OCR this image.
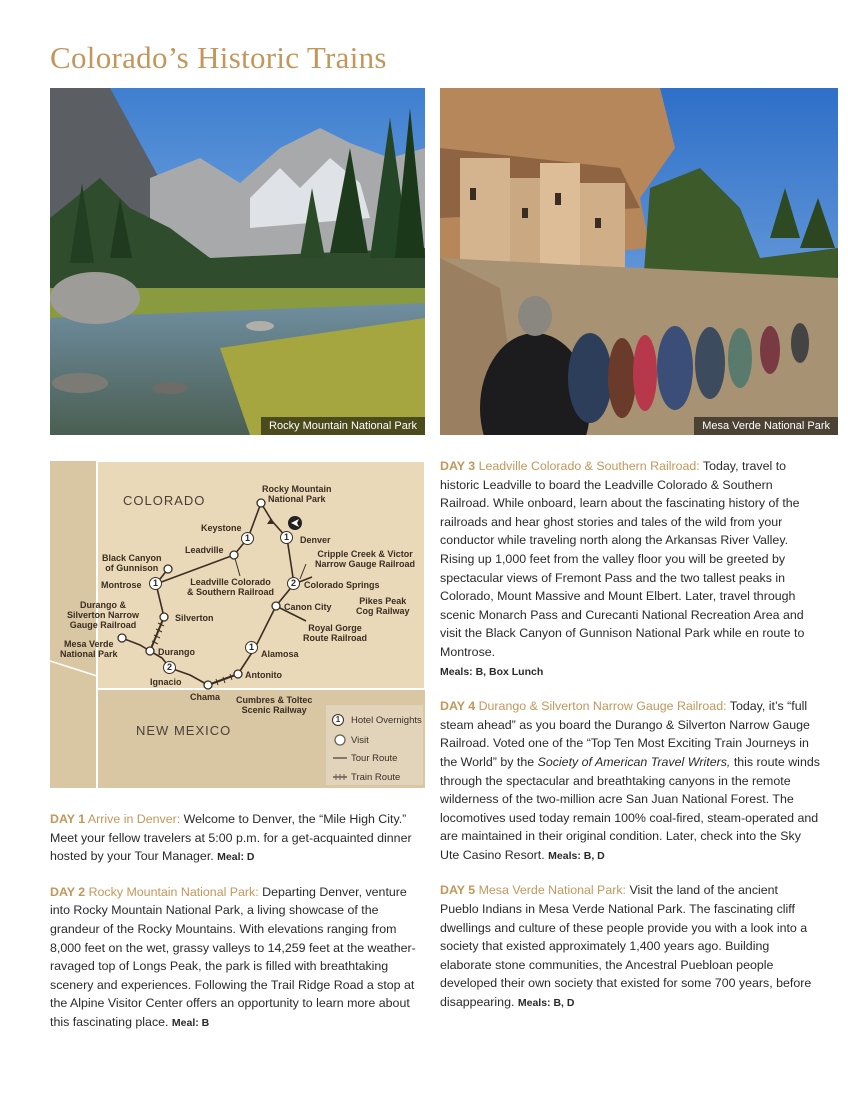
Colorado’s Historic Trains
Rocky Mountain National Park	Mesa Verde National Park
1	1
2
1
1
2
COLORADO
NEW MEXICO
Rocky Mountain
National Park
Keystone
Denver
Leadville
Black Canyon
of Gunnison
Cripple Creek & Victor
Narrow Gauge Railroad
Montrose	Leadville Colorado
& Southern Railroad
Colorado Springs
Durango &
Silverton Narrow
Gauge Railroad
Silverton
Canon City
Pikes Peak
Cog Railway
Royal Gorge
Route Railroad
Mesa Verde
National Park	Durango	Alamosa
Ignacio
Antonito
Chama Cumbres & Toltec
Scenic Railway
1	Hotel Overnights
Visit
Tour Route
Train Route
DAY 1 Arrive in Denver: Welcome to Denver, the “Mile High City.” Meet your fellow travelers at 5:00 p.m. for a get-acquainted dinner hosted by your Tour Manager. Meal: D
DAY 2 Rocky Mountain National Park: Departing Denver, venture into Rocky Mountain National Park, a living showcase of the grandeur of the Rocky Mountains. With elevations ranging from 8,000 feet on the wet, grassy valleys to 14,259 feet at the weather-ravaged top of Longs Peak, the park is filled with breathtaking scenery and experiences. Following the Trail Ridge Road a stop at the Alpine Visitor Center offers an opportunity to learn more about this fascinating place. Meal: B
DAY 3 Leadville Colorado & Southern Railroad: Today, travel to historic Leadville to board the Leadville Colorado & Southern Railroad. While onboard, learn about the fascinating history of the railroads and hear ghost stories and tales of the wild from your conductor while traveling north along the Arkansas River Valley. Rising up 1,000 feet from the valley floor you will be greeted by spectacular views of Fremont Pass and the two tallest peaks in Colorado, Mount Massive and Mount Elbert. Later, travel through scenic Monarch Pass and Curecanti National Recreation Area and visit the Black Canyon of Gunnison National Park while en route to Montrose.
Meals: B, Box Lunch
DAY 4 Durango & Silverton Narrow Gauge Railroad: Today, it’s “full steam ahead” as you board the Durango & Silverton Narrow Gauge Railroad. Voted one of the “Top Ten Most Exciting Train Journeys in the World” by the Society of American Travel Writers, this route winds through the spectacular and breathtaking canyons in the remote wilderness of the two-million acre San Juan National Forest. The locomotives used today remain 100% coal-fired, steam-operated and are maintained in their original condition. Later, check into the Sky Ute Casino Resort. Meals: B, D
DAY 5 Mesa Verde National Park: Visit the land of the ancient Pueblo Indians in Mesa Verde National Park. The fascinating cliff dwellings and culture of these people provide you with a look into a society that existed approximately 1,400 years ago. Building elaborate stone communities, the Ancestral Puebloan people developed their own society that existed for some 700 years, before disappearing. Meals: B, D
